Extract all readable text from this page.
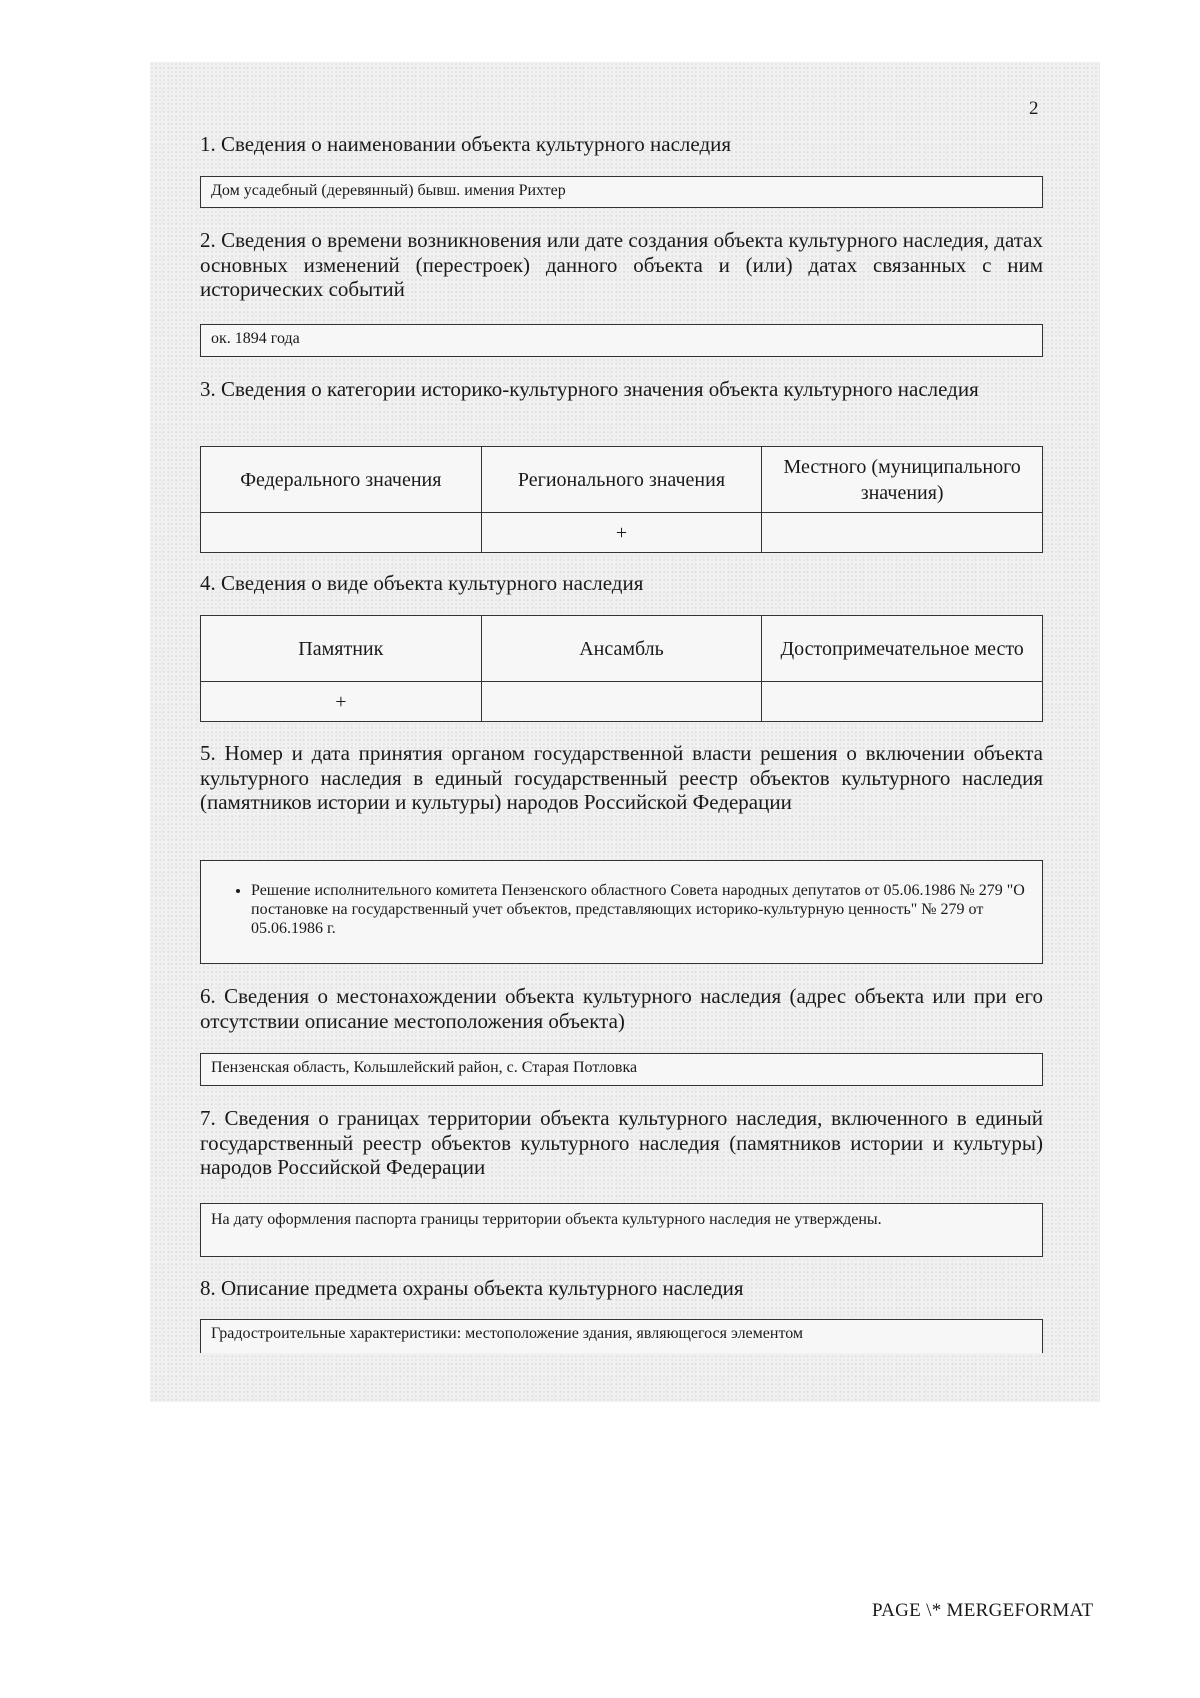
2
1. Сведения о наименовании объекта культурного наследия
Дом усадебный (деревянный) бывш. имения Рихтер
2. Сведения о времени возникновения или дате создания объекта культурного наследия, датах основных изменений (перестроек) данного объекта и (или) датах связанных с ним исторических событий
ок. 1894 года
3. Сведения о категории историко-культурного значения объекта культурного наследия
Федерального значения	Регионального значения	Местного (муниципального значения)
	+	
4. Сведения о виде объекта культурного наследия
Памятник	Ансамбль	Достопримечательное место
+		
5. Номер и дата принятия органом государственной власти решения о включении объекта культурного наследия в единый государственный реестр объектов культурного наследия (памятников истории и культуры) народов Российской Федерации
• Решение исполнительного комитета Пензенского областного Совета народных депутатов от 05.06.1986 № 279 "О постановке на государственный учет объектов, представляющих историко-культурную ценность" № 279 от 05.06.1986 г.
6. Сведения о местонахождении объекта культурного наследия (адрес объекта или при его отсутствии описание местоположения объекта)
Пензенская область, Кольшлейский район, с. Старая Потловка
7. Сведения о границах территории объекта культурного наследия, включенного в единый государственный реестр объектов культурного наследия (памятников истории и культуры) народов Российской Федерации
На дату оформления паспорта границы территории объекта культурного наследия не утверждены.
8. Описание предмета охраны объекта культурного наследия
Градостроительные характеристики: местоположение здания, являющегося элементом
PAGE \* MERGEFORMAT
